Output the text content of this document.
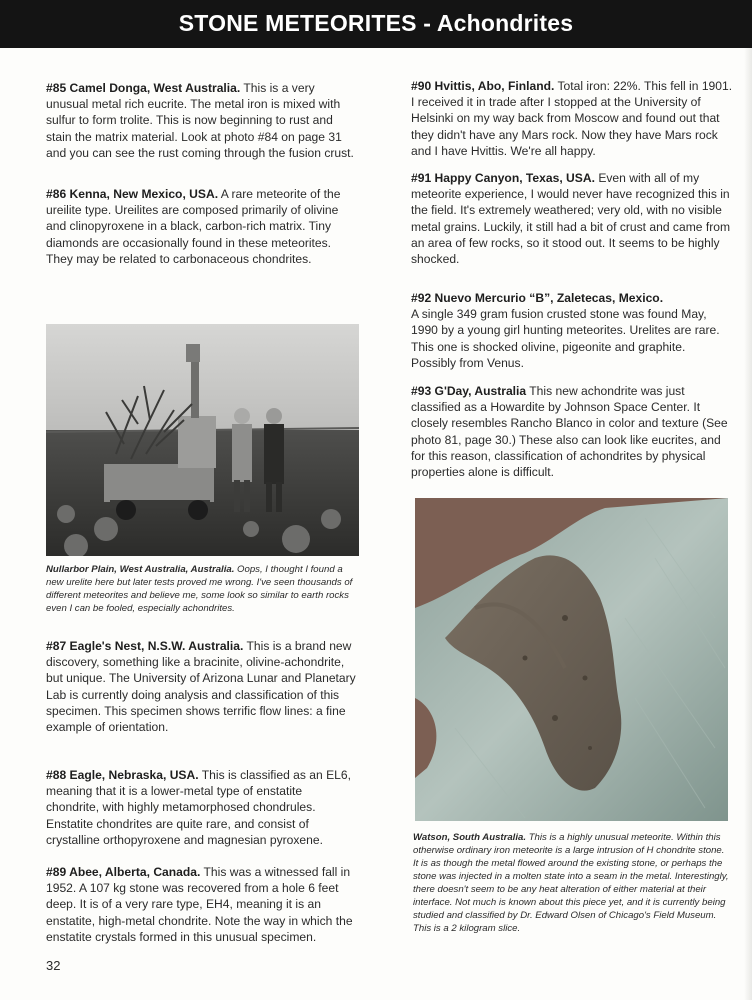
STONE METEORITES - Achondrites

#85 Camel Donga, West Australia. This is a very unusual metal rich eucrite. The metal iron is mixed with sulfur to form trolite. This is now beginning to rust and stain the matrix material. Look at photo #84 on page 31 and you can see the rust coming through the fusion crust.

#86 Kenna, New Mexico, USA. A rare meteorite of the ureilite type. Ureilites are composed primarily of olivine and clinopyroxene in a black, carbon-rich matrix. Tiny diamonds are occasionally found in these meteorites. They may be related to carbonaceous chondrites.

Nullarbor Plain, West Australia, Australia. Oops, I thought I found a new urelite here but later tests proved me wrong. I've seen thousands of different meteorites and believe me, some look so similar to earth rocks even I can be fooled, especially achondrites.

#87 Eagle's Nest, N.S.W. Australia. This is a brand new discovery, something like a bracinite, olivine-achondrite, but unique. The University of Arizona Lunar and Planetary Lab is currently doing analysis and classification of this specimen. This specimen shows terrific flow lines: a fine example of orientation.

#88 Eagle, Nebraska, USA. This is classified as an EL6, meaning that it is a lower-metal type of enstatite chondrite, with highly metamorphosed chondrules. Enstatite chondrites are quite rare, and consist of crystalline orthopyroxene and magnesian pyroxene.

#89 Abee, Alberta, Canada. This was a witnessed fall in 1952. A 107 kg stone was recovered from a hole 6 feet deep. It is of a very rare type, EH4, meaning it is an enstatite, high-metal chondrite. Note the way in which the enstatite crystals formed in this unusual specimen.

#90 Hvittis, Abo, Finland. Total iron: 22%. This fell in 1901. I received it in trade after I stopped at the University of Helsinki on my way back from Moscow and found out that they didn't have any Mars rock. Now they have Mars rock and I have Hvittis. We're all happy.

#91 Happy Canyon, Texas, USA. Even with all of my meteorite experience, I would never have recognized this in the field. It's extremely weathered; very old, with no visible metal grains. Luckily, it still had a bit of crust and came from an area of few rocks, so it stood out. It seems to be highly shocked.

#92 Nuevo Mercurio “B”, Zaletecas, Mexico.
A single 349 gram fusion crusted stone was found May, 1990 by a young girl hunting meteorites. Urelites are rare. This one is shocked olivine, pigeonite and graphite. Possibly from Venus.

#93 G'Day, Australia This new achondrite was just classified as a Howardite by Johnson Space Center. It closely resembles Rancho Blanco in color and texture (See photo 81, page 30.) These also can look like eucrites, and for this reason, classification of achondrites by physical properties alone is difficult.

Watson, South Australia. This is a highly unusual meteorite. Within this otherwise ordinary iron meteorite is a large intrusion of H chondrite stone. It is as though the metal flowed around the existing stone, or perhaps the stone was injected in a molten state into a seam in the metal. Interestingly, there doesn't seem to be any heat alteration of either material at their interface. Not much is known about this piece yet, and it is currently being studied and classified by Dr. Edward Olsen of Chicago's Field Museum. This is a 2 kilogram slice.

32
